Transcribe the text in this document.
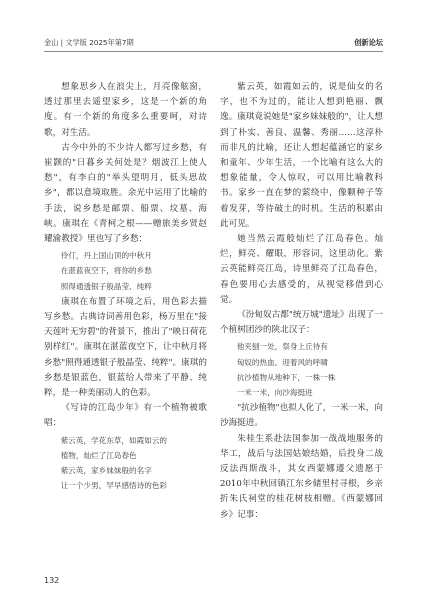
金山 | 文学版 2025年第7期	创新论坛

想象思乡人在浪尖上，月亮像舷窗，透过那里去遥望家乡，这是一个新的角度。有一个新的角度多么重要呵，对诗歌，对生活。

古今中外的不少诗人都写过乡愁，有崔颢的"日暮乡关何处是？烟波江上使人愁"，有李白的"举头望明月，低头思故乡"，都以意境取胜。余光中运用了比喻的手法，说乡愁是邮票、船票、坟墓、海峡。康琪在《青柯之根——赠旅美乡贤赵耀渝教授》里也写了乡愁：

伶仃，丹上国山顶的中秋月
在湛蓝夜空下，将你的乡愁
照得通透银子般晶莹、纯粹

康琪在布置了环境之后，用色彩去描写乡愁。古典诗词善用色彩，杨万里在"接天莲叶无穷碧"的背景下，推出了"映日荷花别样红"。康琪在湛蓝夜空下，让中秋月将乡愁"照得通透银子般晶莹、纯粹"。康琪的乡愁是银蓝色，银蓝给人带来了平静、纯粹，是一种美丽动人的色彩。

《写诗的江岛少年》有一个植物被歌唱：

紫云英，学花东草，如霞如云的
植物，灿烂了江岛春色
紫云英，家乡妹妹般的名字
让一个少男，罕早感悟诗的色彩

紫云英，如霞如云的，说是仙女的名字，也不为过的，能让人想到艳丽、飘逸。康琪竟说她是"家乡妹妹般的"，让人想到了朴实、善良、温馨、秀丽……这淳朴而非凡的比喻，还让人想起蕴涵它的家乡和童年、少年生活，一个比喻有这么大的想象能量，令人惊叹，可以用比喻教科书。家乡一直在梦的萦绕中，像颗种子等着发芽，等待破土的时机。生活的积累由此可见。

她当然云霞般灿烂了江岛春色。灿烂，鲜亮、耀眼，形容词，这里动化。紫云英能鲜亮江岛，诗里鲜亮了江岛春色，春色要用心去感受的，从视觉移借到心觉。

《汾甸奴古都"统万城"遗址》出现了一个植树团沙的陕北汉子：

他夹刨一处，祭身上丘待有
匈奴的热血。迎着风的呼啸
抗沙植物从地种下，一株一株
一米一米，向沙海挺进

"抗沙植物"也拟人化了，一米一米，向沙海挺进。

朱桂生系赴法国参加一战战地服务的华工，战后与法国姑娘结婚，后投身二战反法西斯战斗，其女西蒙娜遵父遗愿于2010年中秋回镇江东乡储里村寻根，乡亲折朱氏祠堂的桂花树枝相赠。《西蒙娜回乡》记事：

132
